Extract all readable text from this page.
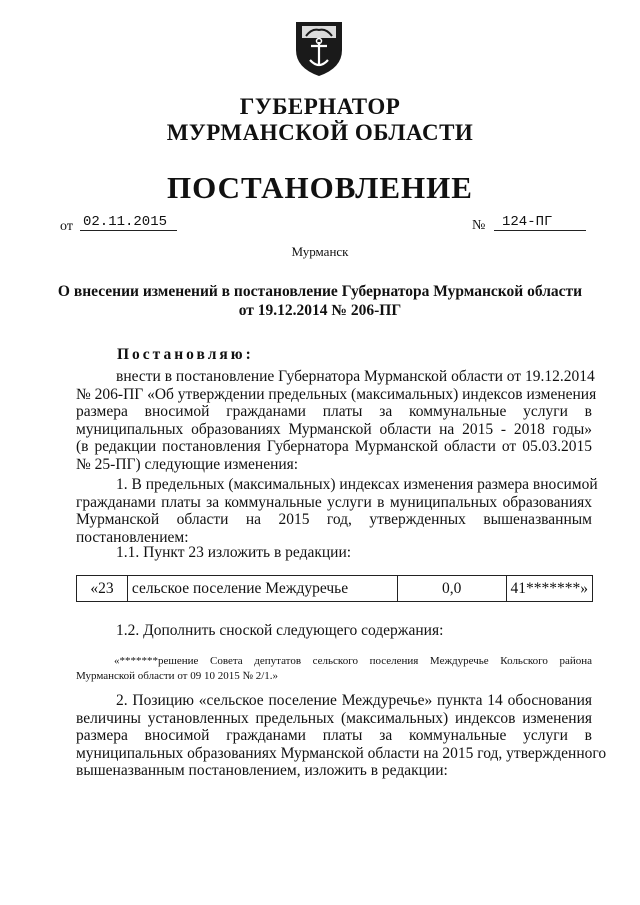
ГУБЕРНАТОР
МУРМАНСКОЙ ОБЛАСТИ
ПОСТАНОВЛЕНИЕ
от 02.11.2015	№	124-ПГ
Мурманск
О внесении изменений в постановление Губернатора Мурманской области
от 19.12.2014 № 206-ПГ
Постановляю:
внести в постановление Губернатора Мурманской области от 19.12.2014
№ 206-ПГ «Об утверждении предельных (максимальных) индексов изменения
размера вносимой гражданами платы за коммунальные услуги в
муниципальных образованиях Мурманской области на 2015 - 2018 годы»
(в редакции постановления Губернатора Мурманской области от 05.03.2015
№ 25-ПГ) следующие изменения:
1. В предельных (максимальных) индексах изменения размера вносимой
гражданами платы за коммунальные услуги в муниципальных образованиях
Мурманской области на 2015 год, утвержденных вышеназванным
постановлением:
1.1. Пункт 23 изложить в редакции:
«23	сельское поселение Междуречье	0,0	41*******»
1.2. Дополнить сноской следующего содержания:
«*******решение Совета депутатов сельского поселения Междуречье Кольского района
Мурманской области от 09 10 2015 № 2/1.»
2. Позицию «сельское поселение Междуречье» пункта 14 обоснования
величины установленных предельных (максимальных) индексов изменения
размера вносимой гражданами платы за коммунальные услуги в
муниципальных образованиях Мурманской области на 2015 год, утвержденного
вышеназванным постановлением, изложить в редакции:
